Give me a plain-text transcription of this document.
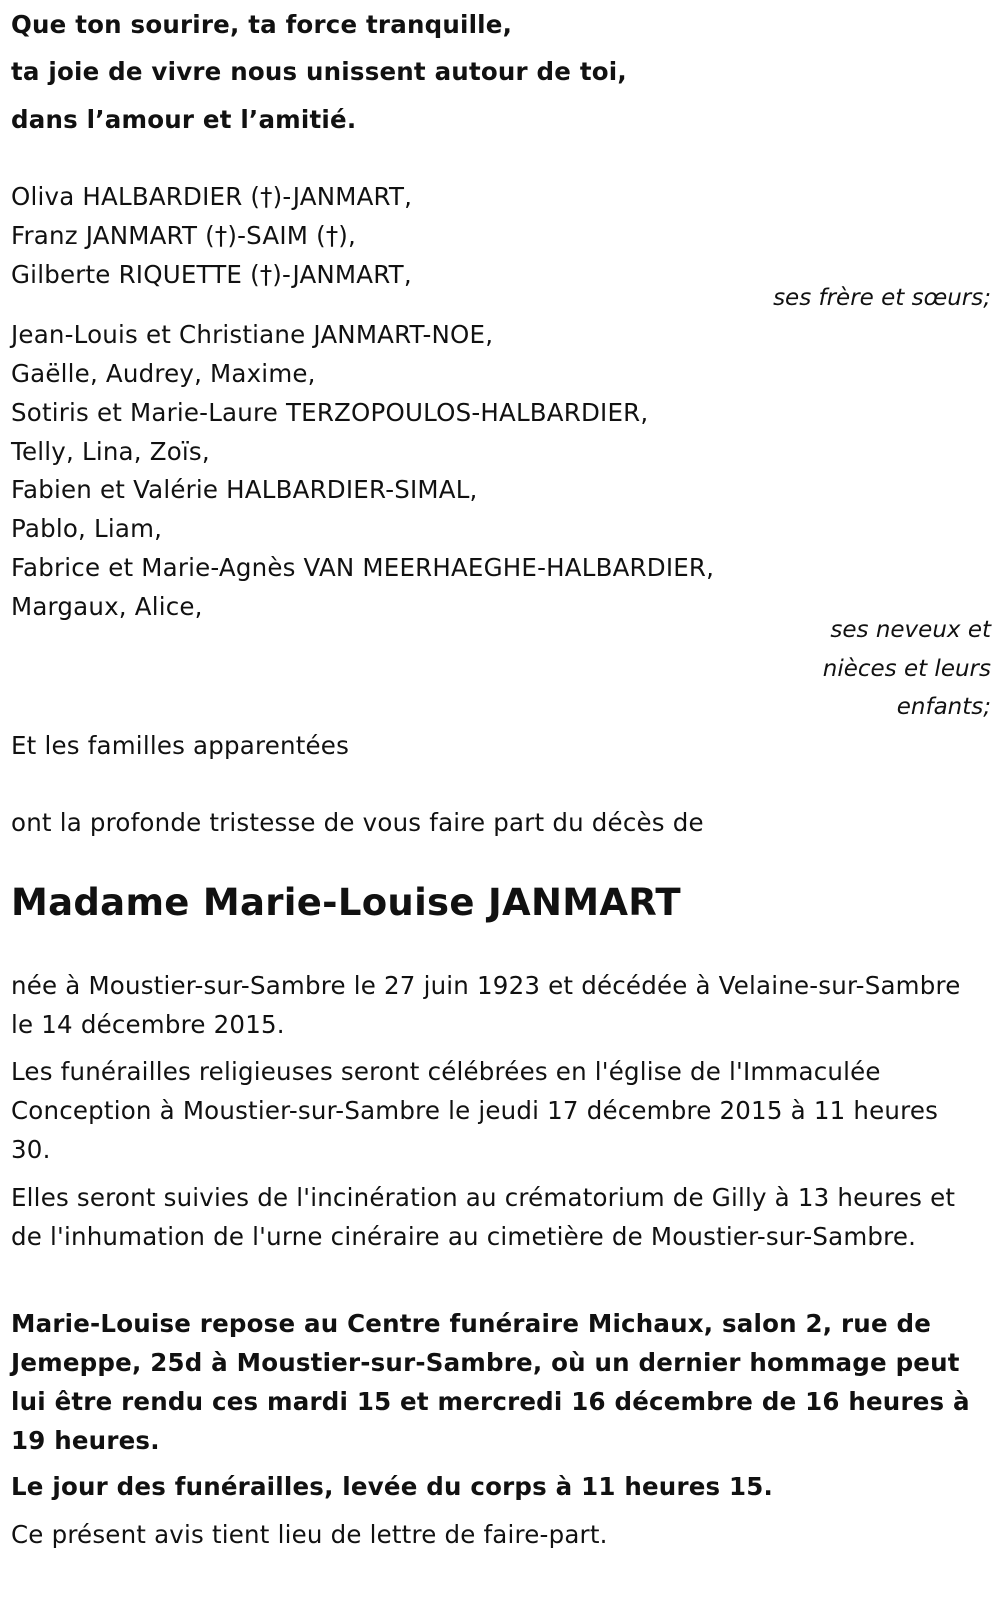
Que ton sourire, ta force tranquille,
ta joie de vivre nous unissent autour de toi,
dans l’amour et l’amitié.
Oliva HALBARDIER (†)-JANMART,
Franz JANMART (†)-SAIM (†),
Gilberte RIQUETTE (†)-JANMART,
ses frère et sœurs;
Jean-Louis et Christiane JANMART-NOE,
Gaëlle, Audrey, Maxime,
Sotiris et Marie-Laure TERZOPOULOS-HALBARDIER,
Telly, Lina, Zoïs,
Fabien et Valérie HALBARDIER-SIMAL,
Pablo, Liam,
Fabrice et Marie-Agnès VAN MEERHAEGHE-HALBARDIER,
Margaux, Alice,
ses neveux et
nièces et leurs
enfants;
Et les familles apparentées
ont la profonde tristesse de vous faire part du décès de
Madame Marie-Louise JANMART
née à Moustier-sur-Sambre le 27 juin 1923 et décédée à Velaine-sur-Sambre le 14 décembre 2015.
Les funérailles religieuses seront célébrées en l'église de l'Immaculée Conception à Moustier-sur-Sambre le jeudi 17 décembre 2015 à 11 heures 30.
Elles seront suivies de l'incinération au crématorium de Gilly à 13 heures et de l'inhumation de l'urne cinéraire au cimetière de Moustier-sur-Sambre.
Marie-Louise repose au Centre funéraire Michaux, salon 2, rue de Jemeppe, 25d à Moustier-sur-Sambre, où un dernier hommage peut lui être rendu ces mardi 15 et mercredi 16 décembre de 16 heures à 19 heures.
Le jour des funérailles, levée du corps à 11 heures 15.
Ce présent avis tient lieu de lettre de faire-part.
